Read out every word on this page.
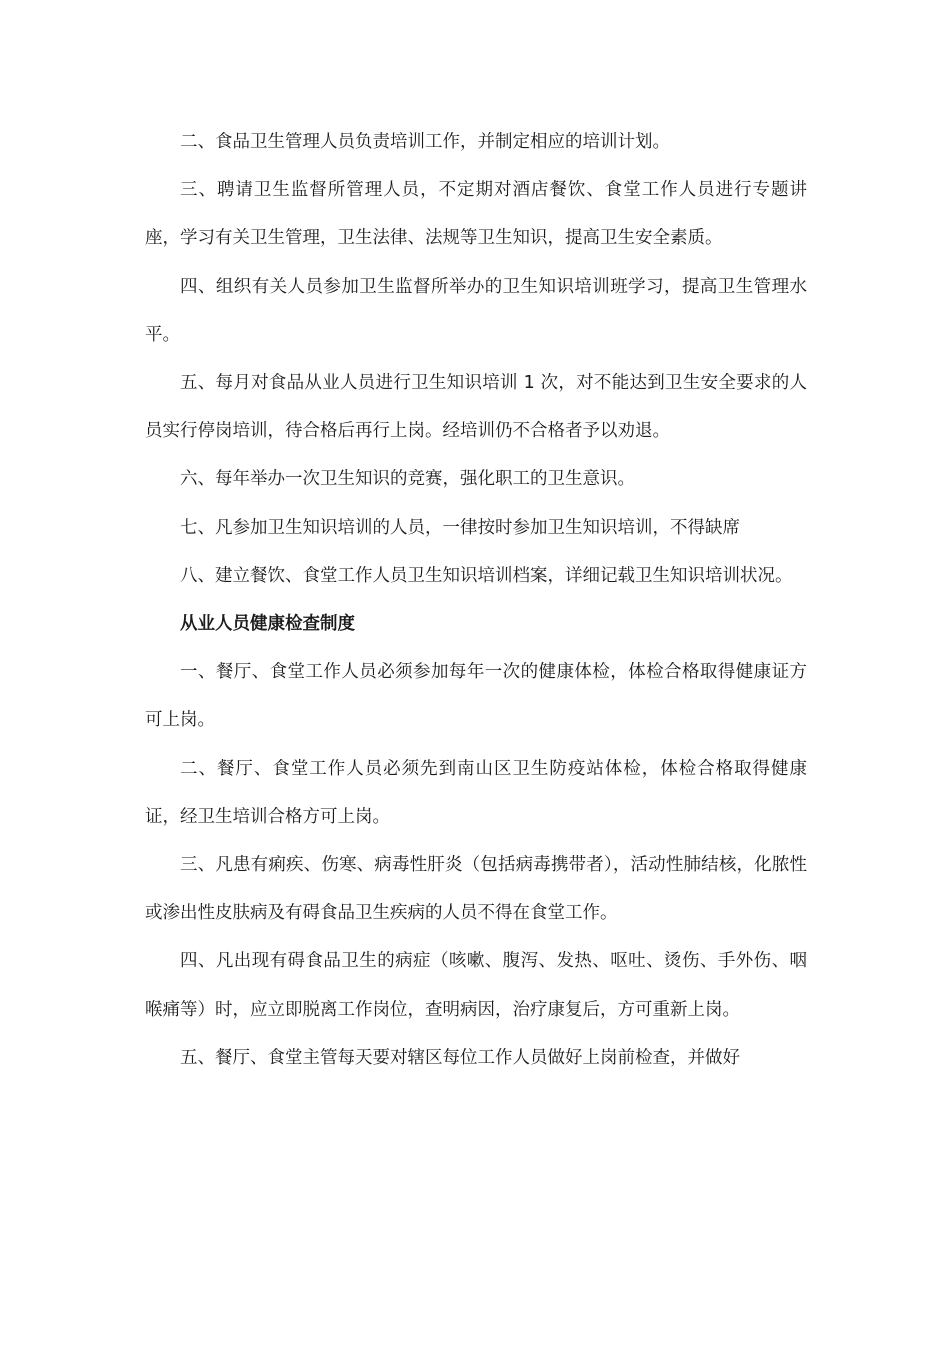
二、食品卫生管理人员负责培训工作，并制定相应的培训计划。

三、聘请卫生监督所管理人员，不定期对酒店餐饮、食堂工作人员进行专题讲座，学习有关卫生管理，卫生法律、法规等卫生知识，提高卫生安全素质。

四、组织有关人员参加卫生监督所举办的卫生知识培训班学习，提高卫生管理水平。

五、每月对食品从业人员进行卫生知识培训 1 次，对不能达到卫生安全要求的人员实行停岗培训，待合格后再行上岗。经培训仍不合格者予以劝退。

六、每年举办一次卫生知识的竞赛，强化职工的卫生意识。

七、凡参加卫生知识培训的人员，一律按时参加卫生知识培训，不得缺席

八、建立餐饮、食堂工作人员卫生知识培训档案，详细记载卫生知识培训状况。

从业人员健康检查制度

一、餐厅、食堂工作人员必须参加每年一次的健康体检，体检合格取得健康证方可上岗。

二、餐厅、食堂工作人员必须先到南山区卫生防疫站体检，体检合格取得健康证，经卫生培训合格方可上岗。

三、凡患有痢疾、伤寒、病毒性肝炎（包括病毒携带者），活动性肺结核，化脓性或渗出性皮肤病及有碍食品卫生疾病的人员不得在食堂工作。

四、凡出现有碍食品卫生的病症（咳嗽、腹泻、发热、呕吐、烫伤、手外伤、咽喉痛等）时，应立即脱离工作岗位，查明病因，治疗康复后，方可重新上岗。

五、餐厅、食堂主管每天要对辖区每位工作人员做好上岗前检查，并做好
